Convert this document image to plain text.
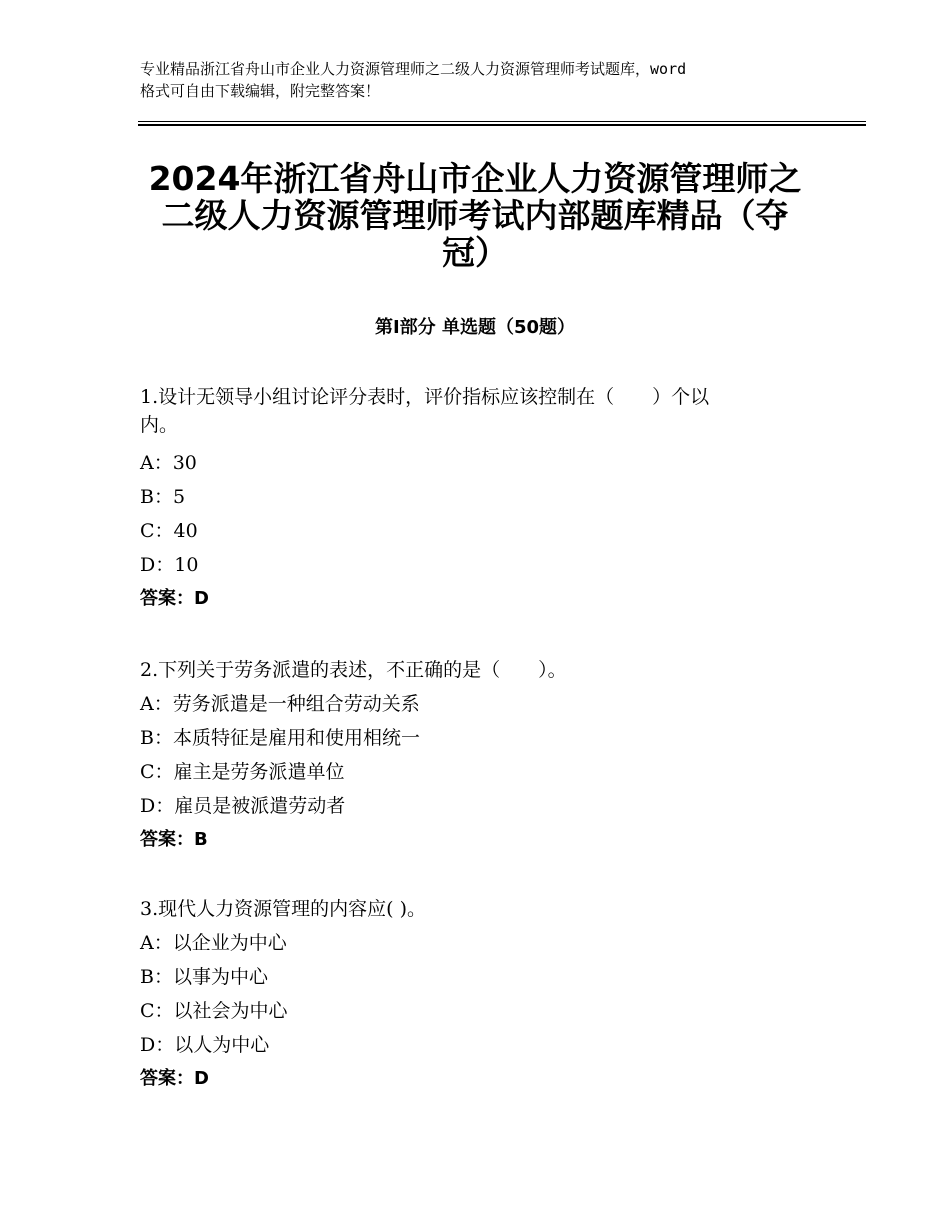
专业精品浙江省舟山市企业人力资源管理师之二级人力资源管理师考试题库，word
格式可自由下载编辑，附完整答案！
2024年浙江省舟山市企业人力资源管理师之
二级人力资源管理师考试内部题库精品（夺
冠）
第Ⅰ部分 单选题（50题）
1.设计无领导小组讨论评分表时，评价指标应该控制在（　　）个以
内。
A：30
B：5
C：40
D：10
答案：D
2.下列关于劳务派遣的表述，不正确的是（　　）。
A：劳务派遣是一种组合劳动关系
B：本质特征是雇用和使用相统一
C：雇主是劳务派遣单位
D：雇员是被派遣劳动者
答案：B
3.现代人力资源管理的内容应( )。
A：以企业为中心
B：以事为中心
C：以社会为中心
D：以人为中心
答案：D
